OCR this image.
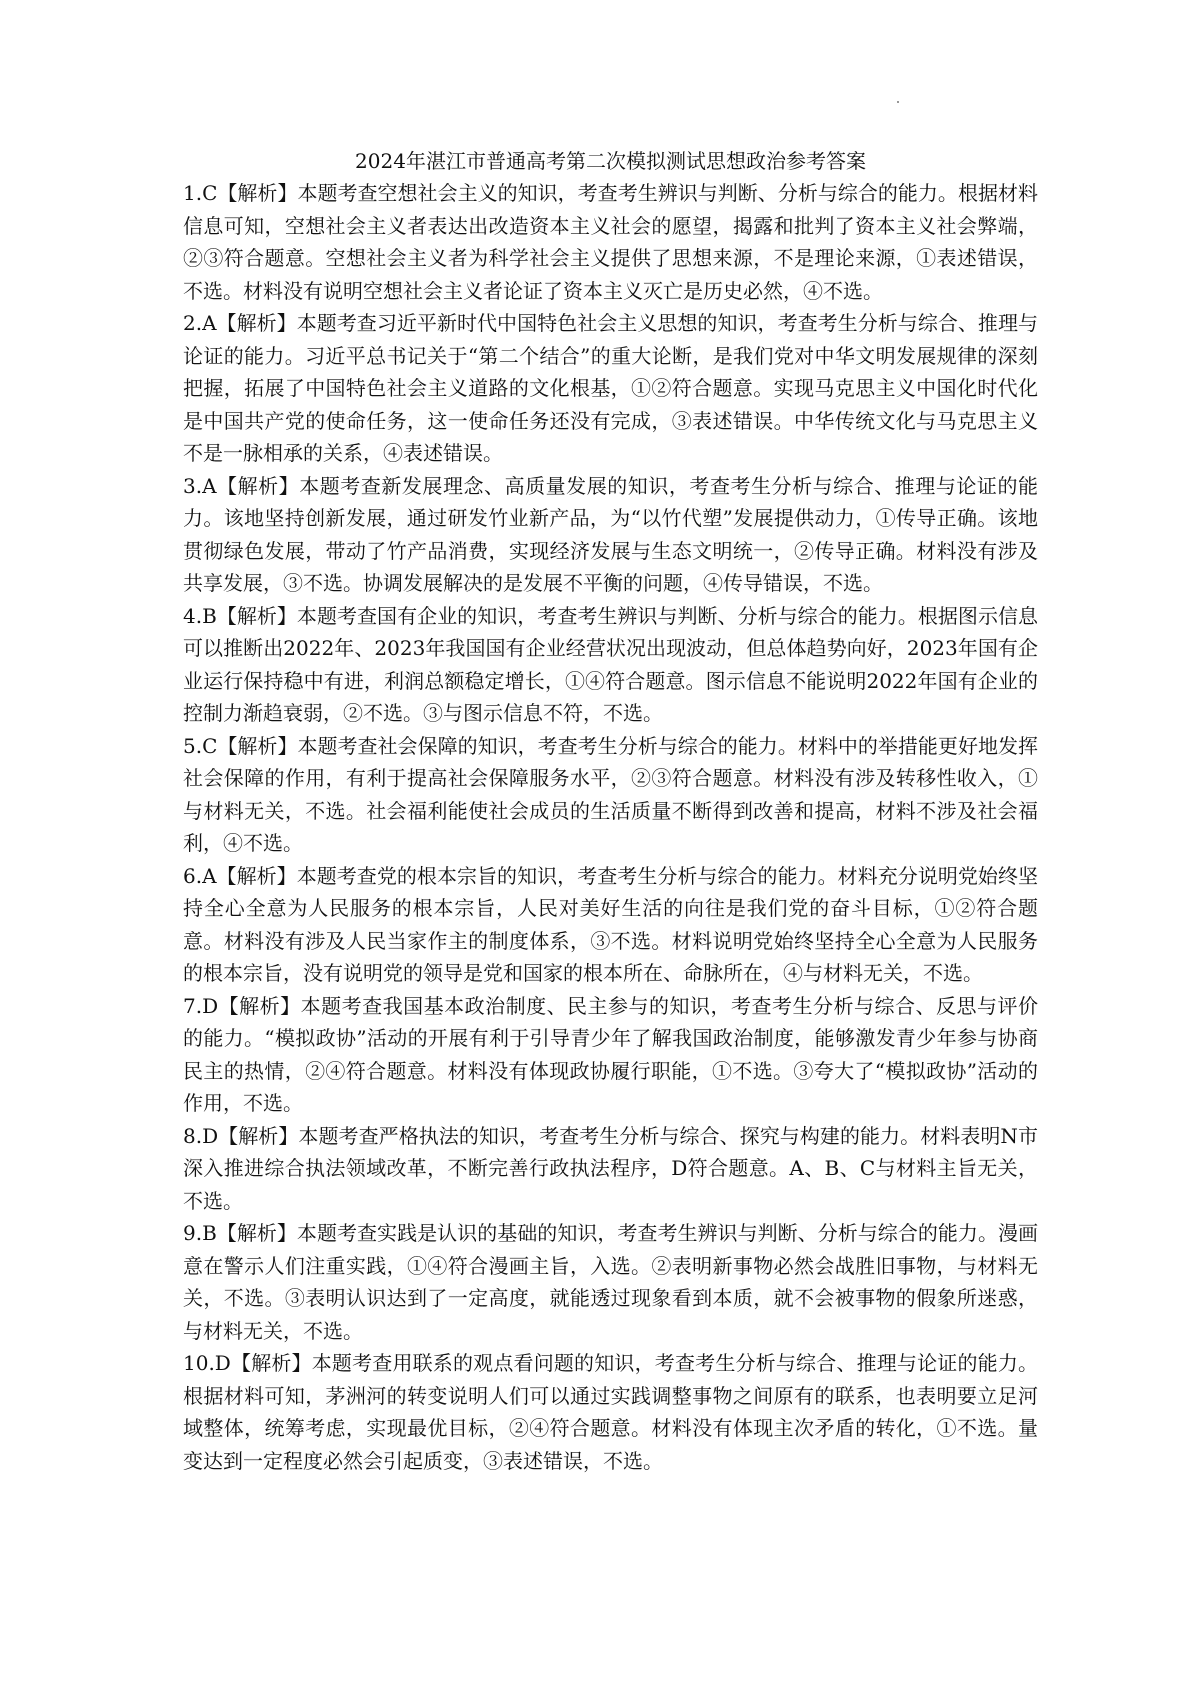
2024年湛江市普通高考第二次模拟测试思想政治参考答案

1.C【解析】本题考查空想社会主义的知识，考查考生辨识与判断、分析与综合的能力。根据材料信息可知，空想社会主义者表达出改造资本主义社会的愿望，揭露和批判了资本主义社会弊端，②③符合题意。空想社会主义者为科学社会主义提供了思想来源，不是理论来源，①表述错误，不选。材料没有说明空想社会主义者论证了资本主义灭亡是历史必然，④不选。

2.A【解析】本题考查习近平新时代中国特色社会主义思想的知识，考查考生分析与综合、推理与论证的能力。习近平总书记关于“第二个结合”的重大论断，是我们党对中华文明发展规律的深刻把握，拓展了中国特色社会主义道路的文化根基，①②符合题意。实现马克思主义中国化时代化是中国共产党的使命任务，这一使命任务还没有完成，③表述错误。中华传统文化与马克思主义不是一脉相承的关系，④表述错误。

3.A【解析】本题考查新发展理念、高质量发展的知识，考查考生分析与综合、推理与论证的能力。该地坚持创新发展，通过研发竹业新产品，为“以竹代塑”发展提供动力，①传导正确。该地贯彻绿色发展，带动了竹产品消费，实现经济发展与生态文明统一，②传导正确。材料没有涉及共享发展，③不选。协调发展解决的是发展不平衡的问题，④传导错误，不选。

4.B【解析】本题考查国有企业的知识，考查考生辨识与判断、分析与综合的能力。根据图示信息可以推断出2022年、2023年我国国有企业经营状况出现波动，但总体趋势向好，2023年国有企业运行保持稳中有进，利润总额稳定增长，①④符合题意。图示信息不能说明2022年国有企业的控制力渐趋衰弱，②不选。③与图示信息不符，不选。

5.C【解析】本题考查社会保障的知识，考查考生分析与综合的能力。材料中的举措能更好地发挥社会保障的作用，有利于提高社会保障服务水平，②③符合题意。材料没有涉及转移性收入，①与材料无关，不选。社会福利能使社会成员的生活质量不断得到改善和提高，材料不涉及社会福利，④不选。

6.A【解析】本题考查党的根本宗旨的知识，考查考生分析与综合的能力。材料充分说明党始终坚持全心全意为人民服务的根本宗旨，人民对美好生活的向往是我们党的奋斗目标，①②符合题意。材料没有涉及人民当家作主的制度体系，③不选。材料说明党始终坚持全心全意为人民服务的根本宗旨，没有说明党的领导是党和国家的根本所在、命脉所在，④与材料无关，不选。

7.D【解析】本题考查我国基本政治制度、民主参与的知识，考查考生分析与综合、反思与评价的能力。“模拟政协”活动的开展有利于引导青少年了解我国政治制度，能够激发青少年参与协商民主的热情，②④符合题意。材料没有体现政协履行职能，①不选。③夸大了“模拟政协”活动的作用，不选。

8.D【解析】本题考查严格执法的知识，考查考生分析与综合、探究与构建的能力。材料表明N市深入推进综合执法领域改革，不断完善行政执法程序，D符合题意。A、B、C与材料主旨无关，不选。

9.B【解析】本题考查实践是认识的基础的知识，考查考生辨识与判断、分析与综合的能力。漫画意在警示人们注重实践，①④符合漫画主旨，入选。②表明新事物必然会战胜旧事物，与材料无关，不选。③表明认识达到了一定高度，就能透过现象看到本质，就不会被事物的假象所迷惑，与材料无关，不选。

10.D【解析】本题考查用联系的观点看问题的知识，考查考生分析与综合、推理与论证的能力。根据材料可知，茅洲河的转变说明人们可以通过实践调整事物之间原有的联系，也表明要立足河域整体，统筹考虑，实现最优目标，②④符合题意。材料没有体现主次矛盾的转化，①不选。量变达到一定程度必然会引起质变，③表述错误，不选。
